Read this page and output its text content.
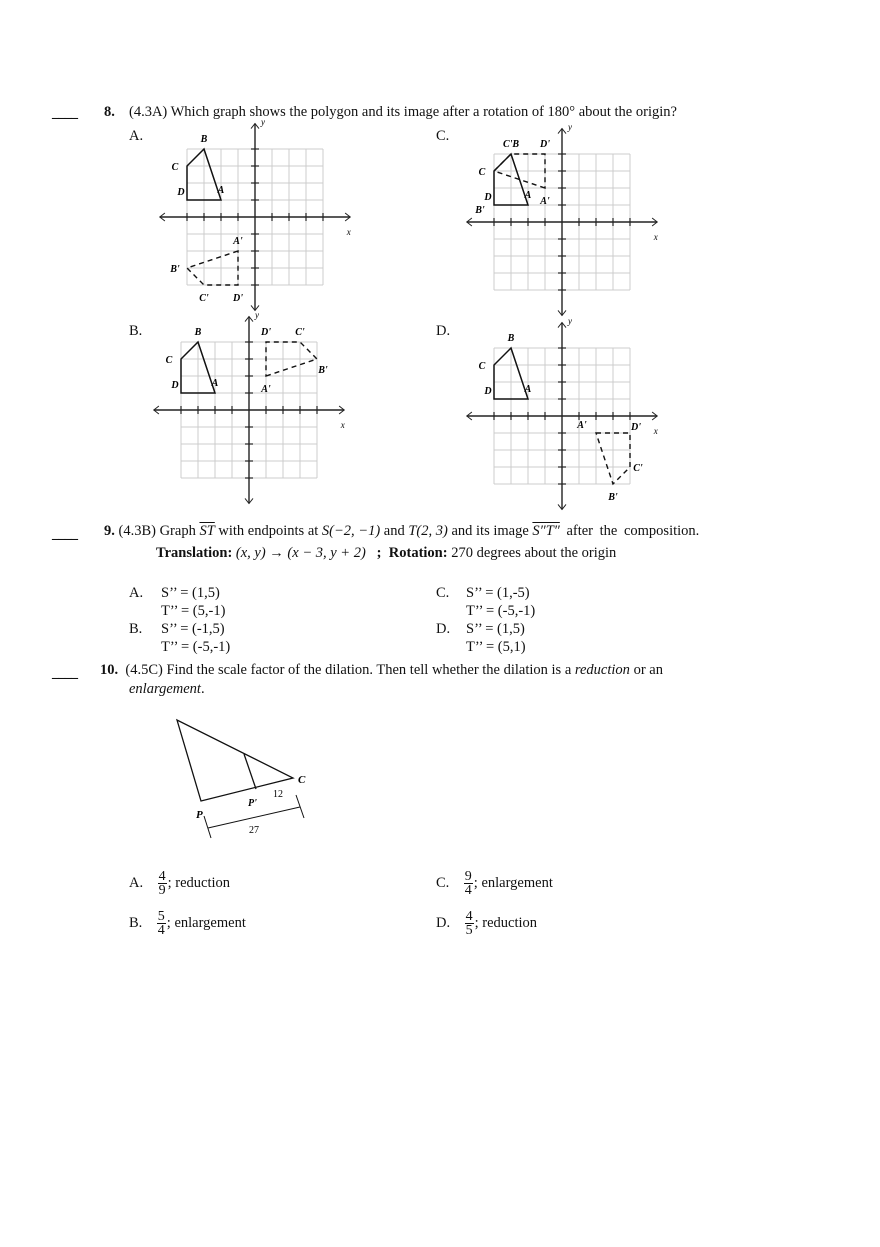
____ 8. (4.3A) Which graph shows the polygon and its image after a rotation of 180° about the origin?
A.
B.
C.
D.
x
y
D	A
B
C
A'
B'
C' D'
x
y
D	A
B
C
A'
B'
C'
D'
x
y
D	A
C'B
C
A'
B'
D'
x
y
D	A
B
C
A'	D'
C'
B'
____ 9. (4.3B) Graph $\overline{ST}$ with endpoints at S(−2, −1) and T(2, 3) and its image S″T″ after the composition.
Translation: (x, y) → (x − 3, y + 2) ; Rotation: 270 degrees about the origin
A. S’’ = (1,5)
T’’ = (5,-1)
B. S’’ = (-1,5)
T’’ = (-5,-1)
C. S’’ = (1,-5)
T’’ = (-5,-1)
D. S’’ = (1,5)
T’’ = (5,1)
____ 10. (4.5C) Find the scale factor of the dilation. Then tell whether the dilation is a reduction or an
enlargement.
P
P'
C
12
27
A. $\frac{4}{9}$ ; reduction
B. $\frac{5}{4}$ ; enlargement
C. $\frac{9}{4}$ ; enlargement
D. $\frac{4}{5}$ ; reduction
